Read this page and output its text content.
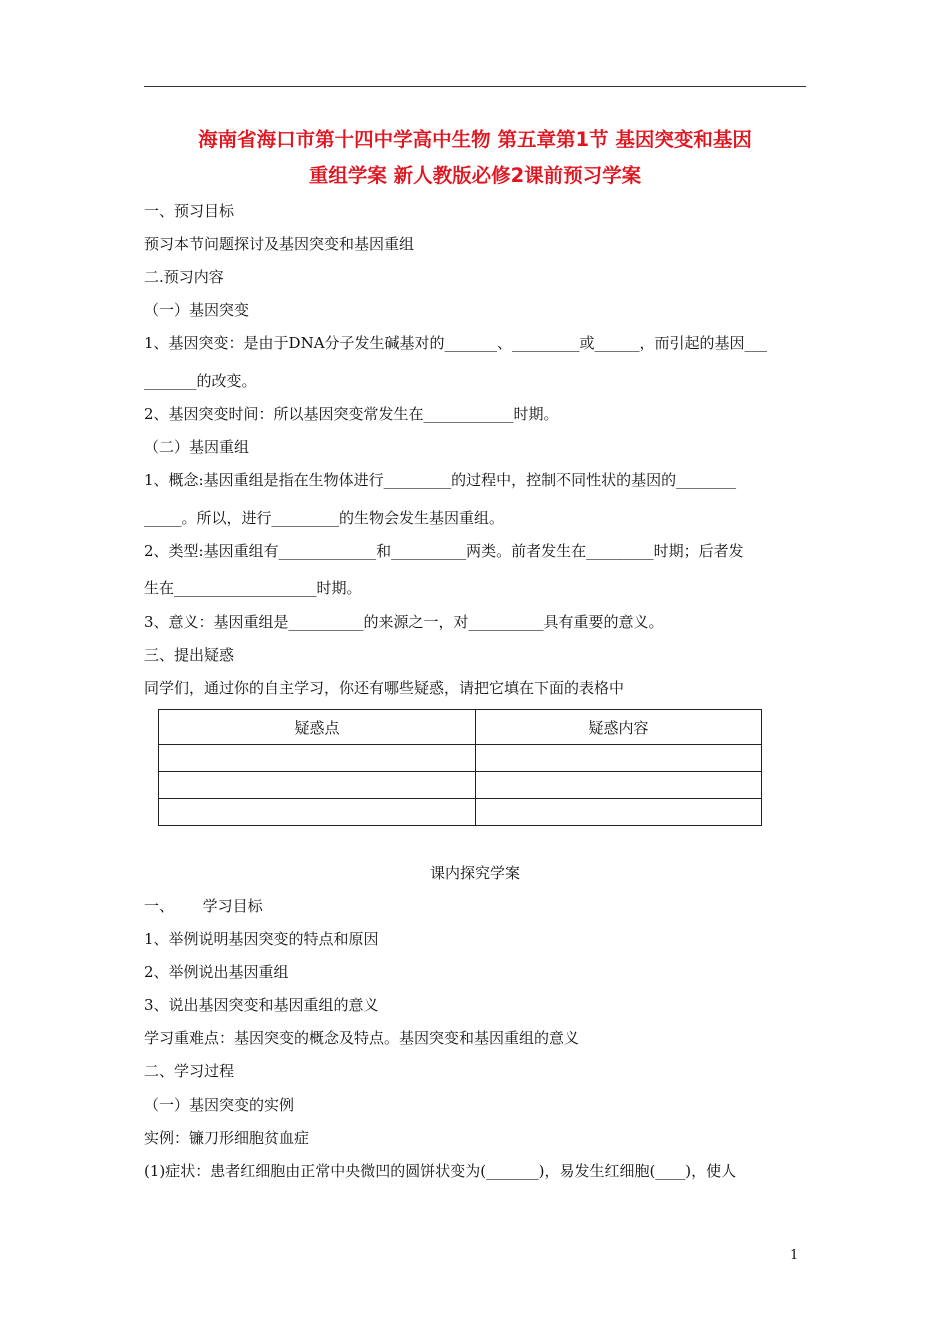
海南省海口市第十四中学高中生物 第五章第1节 基因突变和基因
重组学案 新人教版必修2课前预习学案
一、预习目标
预习本节问题探讨及基因突变和基因重组
二.预习内容
（一）基因突变
1、基因突变：是由于DNA分子发生碱基对的_______、_________或______，而引起的基因___
_______的改变。
2、基因突变时间：所以基因突变常发生在____________时期。
（二）基因重组
1、概念:基因重组是指在生物体进行_________的过程中，控制不同性状的基因的________
_____。所以，进行_________的生物会发生基因重组。
2、类型:基因重组有_____________和__________两类。前者发生在_________时期；后者发
生在___________________时期。
3、意义：基因重组是__________的来源之一，对__________具有重要的意义。
三、提出疑惑
同学们，通过你的自主学习，你还有哪些疑惑，请把它填在下面的表格中
疑惑点	疑惑内容

课内探究学案
一、      学习目标
1、举例说明基因突变的特点和原因
2、举例说出基因重组
3、说出基因突变和基因重组的意义
学习重难点：基因突变的概念及特点。基因突变和基因重组的意义
二、学习过程
（一）基因突变的实例
实例：镰刀形细胞贫血症
(1)症状：患者红细胞由正常中央微凹的圆饼状变为(_______)，易发生红细胞(____)，使人
1
